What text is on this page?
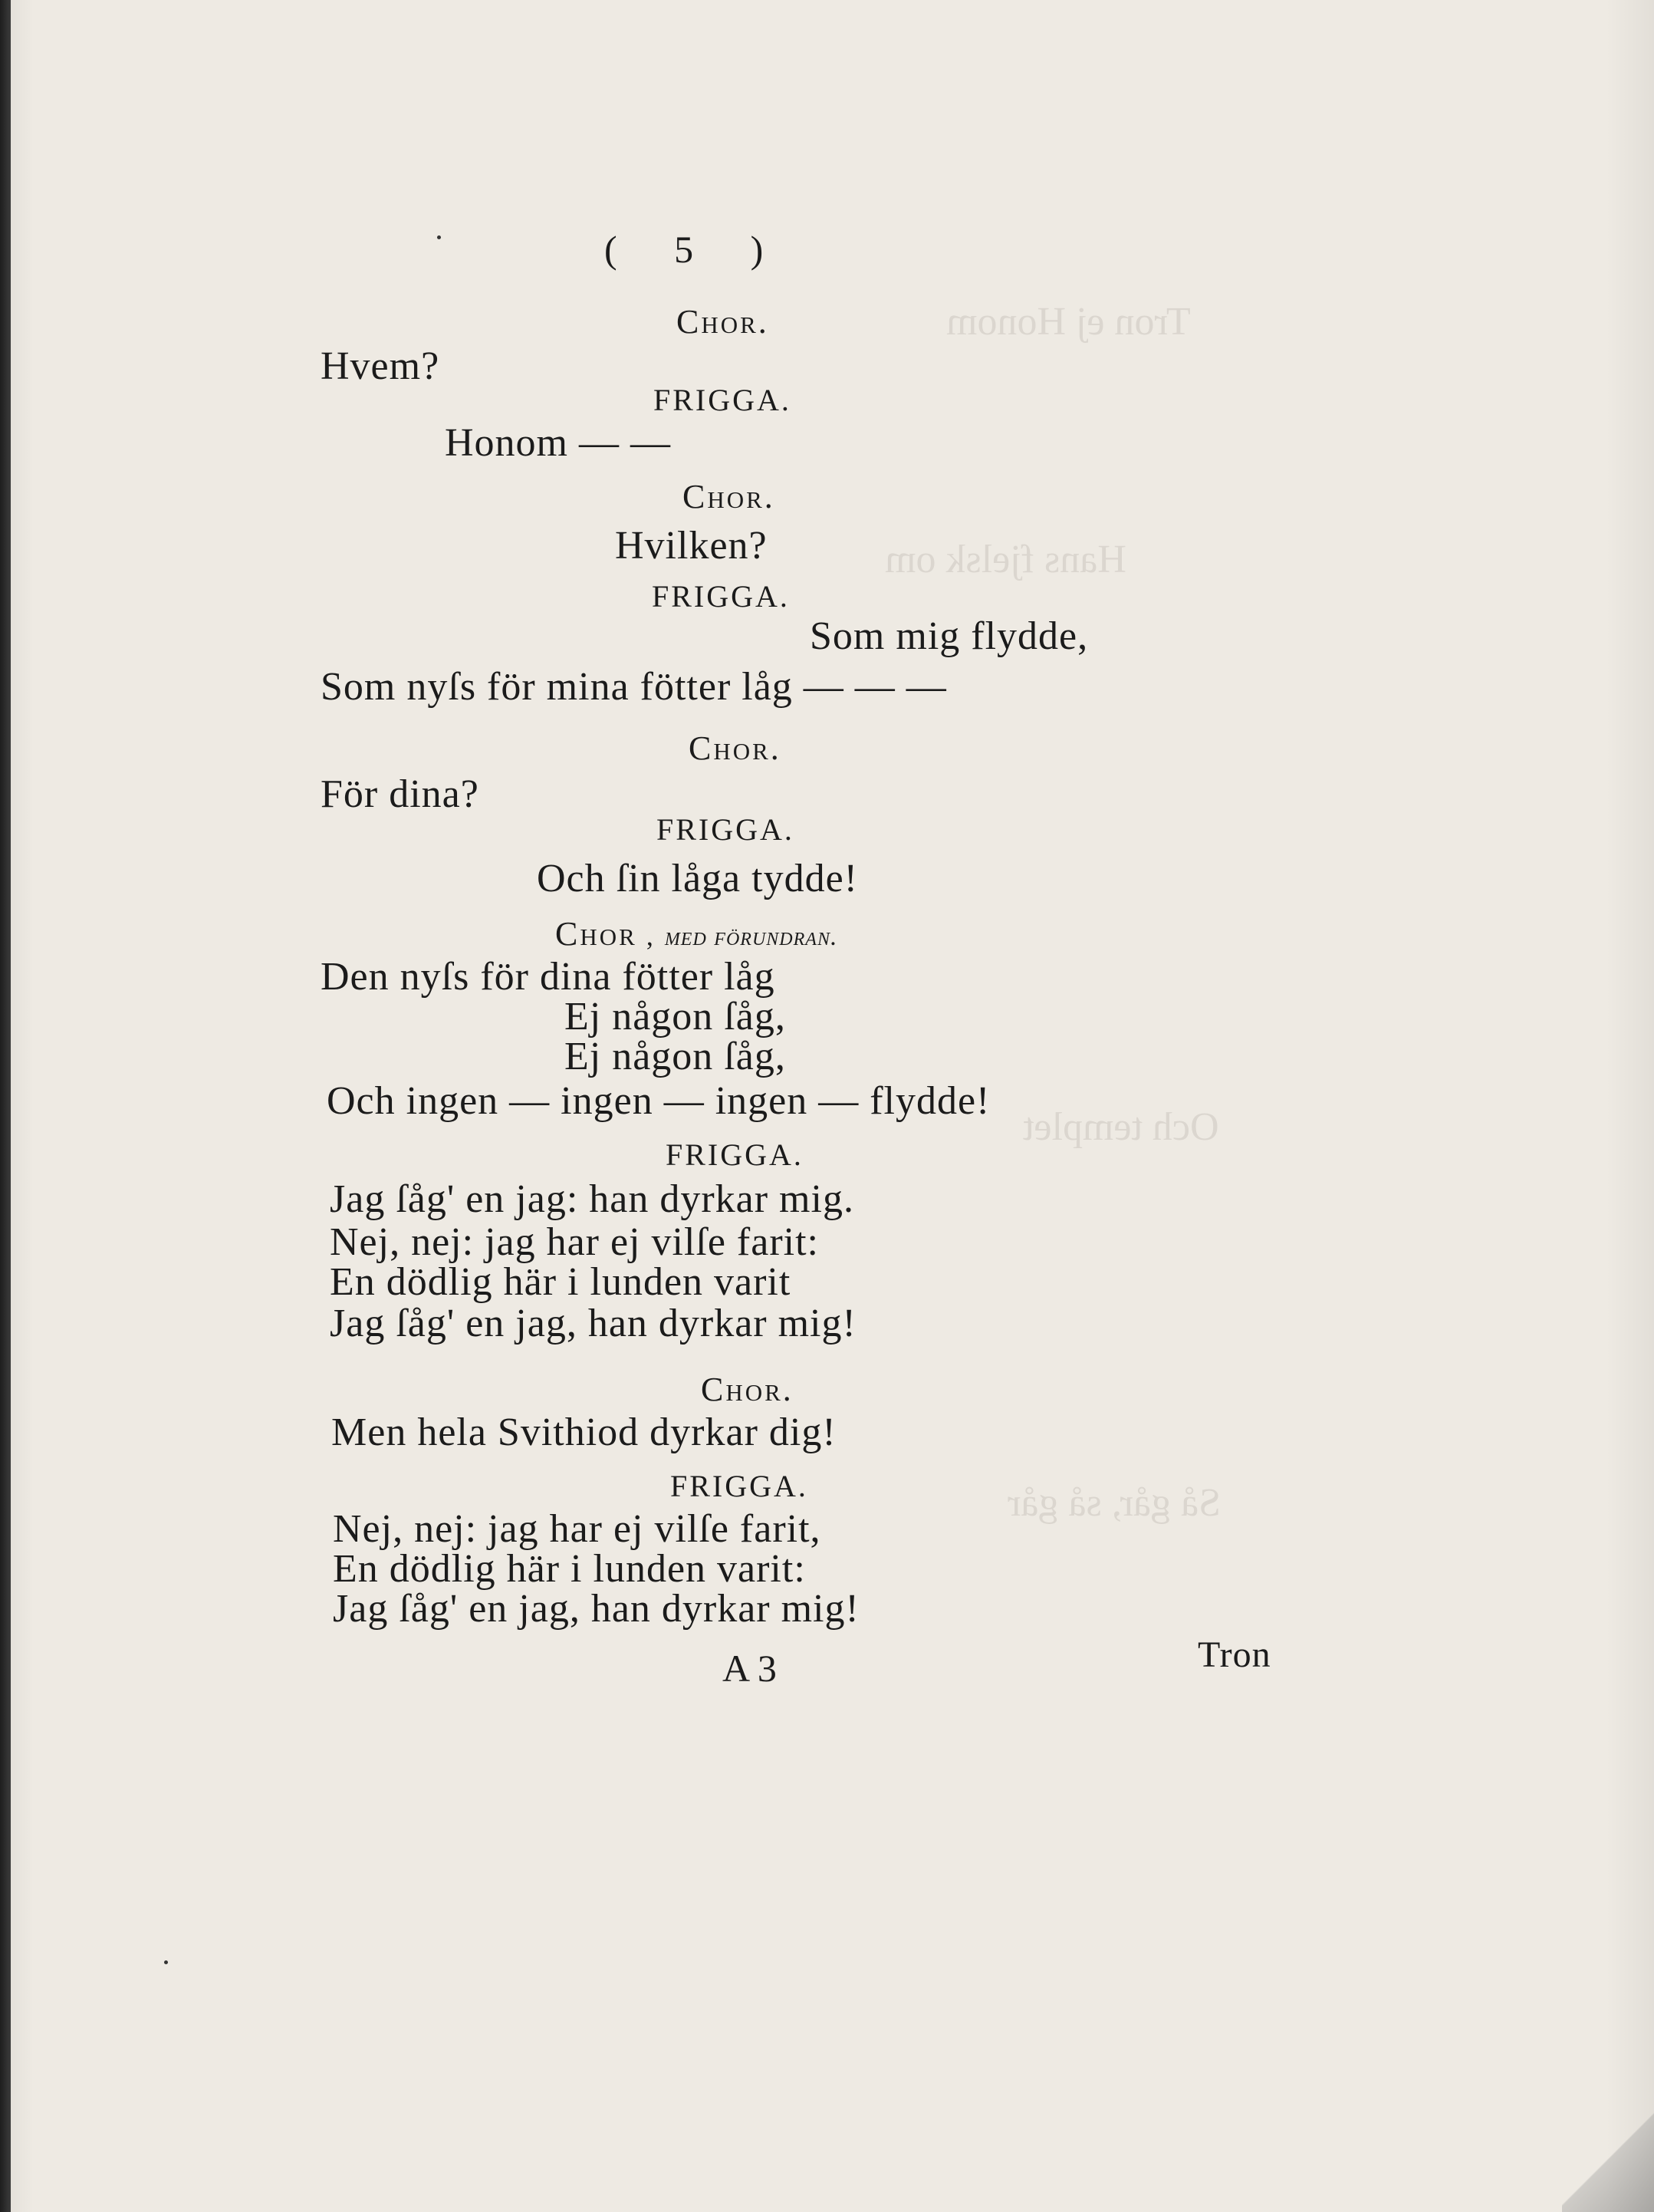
Tron ej Honom
Hans fjelsk om
Och templet
Så går, så går
( 5 )
Chor.
Hvem?
FRIGGA.
Honom — —
Chor.
Hvilken?
FRIGGA.
Som mig flydde,
Som nyſs för mina fötter låg — — —
Chor.
För dina?
FRIGGA.
Och ſin låga tydde!
Chor , med förundran.
Den nyſs för dina fötter låg
Ej någon ſåg,
Ej någon ſåg,
Och ingen — ingen — ingen — flydde!
FRIGGA.
Jag ſåg' en jag: han dyrkar mig.
Nej, nej: jag har ej vilſe farit:
En dödlig här i lunden varit
Jag ſåg' en jag, han dyrkar mig!
Chor.
Men hela Svithiod dyrkar dig!
FRIGGA.
Nej, nej: jag har ej vilſe farit,
En dödlig här i lunden varit:
Jag ſåg' en jag, han dyrkar mig!
A 3	Tron
